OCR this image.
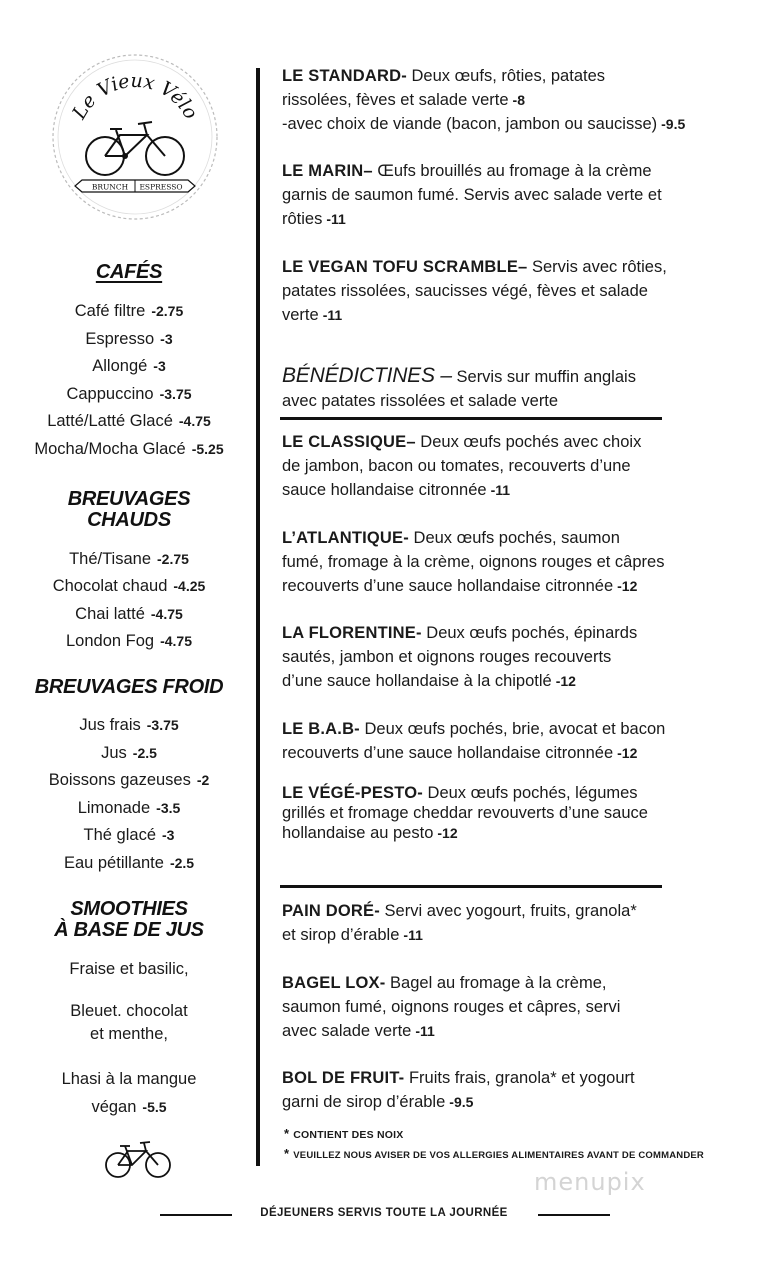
Le Vieux Vélo
BRUNCH ESPRESSO
CAFÉS
Café filtre -2.75
Espresso -3
Allongé -3
Cappuccino -3.75
Latté/Latté Glacé -4.75
Mocha/Mocha Glacé -5.25
BREUVAGES
CHAUDS
Thé/Tisane -2.75
Chocolat chaud -4.25
Chai latté -4.75
London Fog -4.75
BREUVAGES FROID
Jus frais -3.75
Jus -2.5
Boissons gazeuses -2
Limonade -3.5
Thé glacé -3
Eau pétillante -2.5
SMOOTHIES
À BASE DE JUS
Fraise et basilic,
Bleuet. chocolat
et menthe,
Lhasi à la mangue
végan -5.5
LE STANDARD- Deux œufs, rôties, patates
rissolées, fèves et salade verte -8
-avec choix de viande (bacon, jambon ou saucisse) -9.5
LE MARIN– Œufs brouillés au fromage à la crème
garnis de saumon fumé. Servis avec salade verte et
rôties -11
LE VEGAN TOFU SCRAMBLE– Servis avec rôties,
patates rissolées, saucisses végé, fèves et salade
verte -11
BÉNÉDICTINES – Servis sur muffin anglais
avec patates rissolées et salade verte
LE CLASSIQUE– Deux œufs pochés avec choix
de jambon, bacon ou tomates, recouverts d’une
sauce hollandaise citronnée -11
L’ATLANTIQUE- Deux œufs pochés, saumon
fumé, fromage à la crème, oignons rouges et câpres
recouverts d’une sauce hollandaise citronnée -12
LA FLORENTINE- Deux œufs pochés, épinards
sautés, jambon et oignons rouges recouverts
d’une sauce hollandaise à la chipotlé -12
LE B.A.B- Deux œufs pochés, brie, avocat et bacon
recouverts d’une sauce hollandaise citronnée -12
LE VÉGÉ-PESTO- Deux œufs pochés, légumes
grillés et fromage cheddar revouverts d’une sauce
hollandaise au pesto -12
PAIN DORÉ- Servi avec yogourt, fruits, granola*
et sirop d’érable -11
BAGEL LOX- Bagel au fromage à la crème,
saumon fumé, oignons rouges et câpres, servi
avec salade verte -11
BOL DE FRUIT- Fruits frais, granola* et yogourt
garni de sirop d’érable -9.5
* CONTIENT DES NOIX
* VEUILLEZ NOUS AVISER DE VOS ALLERGIES ALIMENTAIRES AVANT DE COMMANDER
menupix
DÉJEUNERS SERVIS TOUTE LA JOURNÉE
